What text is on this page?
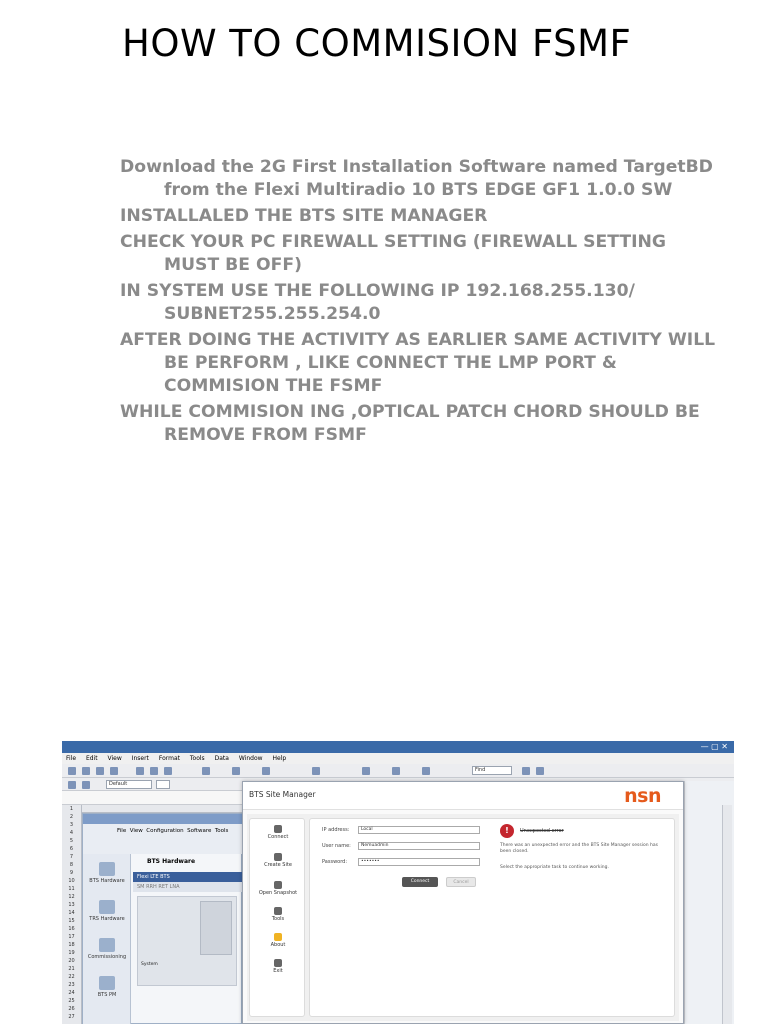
HOW TO COMMISION FSMF
Download the 2G First Installation Software named TargetBD from the Flexi Multiradio 10 BTS EDGE GF1 1.0.0 SW
INSTALLALED THE BTS SITE MANAGER
CHECK YOUR PC FIREWALL SETTING (FIREWALL SETTING MUST BE OFF)
IN SYSTEM USE THE FOLLOWING IP 192.168.255.130/ SUBNET255.255.254.0
AFTER DOING THE ACTIVITY AS EARLIER SAME ACTIVITY WILL BE PERFORM , LIKE CONNECT THE LMP PORT & COMMISION THE FSMF
WHILE COMMISION ING ,OPTICAL PATCH CHORD SHOULD BE REMOVE FROM FSMF
— ▢ ✕
File Edit View Insert Format Tools Data Window Help
Find
Default
1
2
3
4
5
6
7
8
9
10
11
12
13
14
15
16
17
18
19
20
21
22
23
24
25
26
27
File View Configuration Software Tools
BTS Hardware
TRS Hardware
Commissioning
BTS PM
BTS Hardware
Flexi LTE BTS
SM RRH RET LNA
System
BTS Site Manager	nsn
Connect
Create Site
Open Snapshot
Tools
About
Exit
IP address:	Local
User name:	Nemuadmin
Password:	•••••••
Connect	Cancel
!	Unexpected error
There was an unexpected error and the BTS Site Manager session has been closed.
Select the appropriate task to continue working.
